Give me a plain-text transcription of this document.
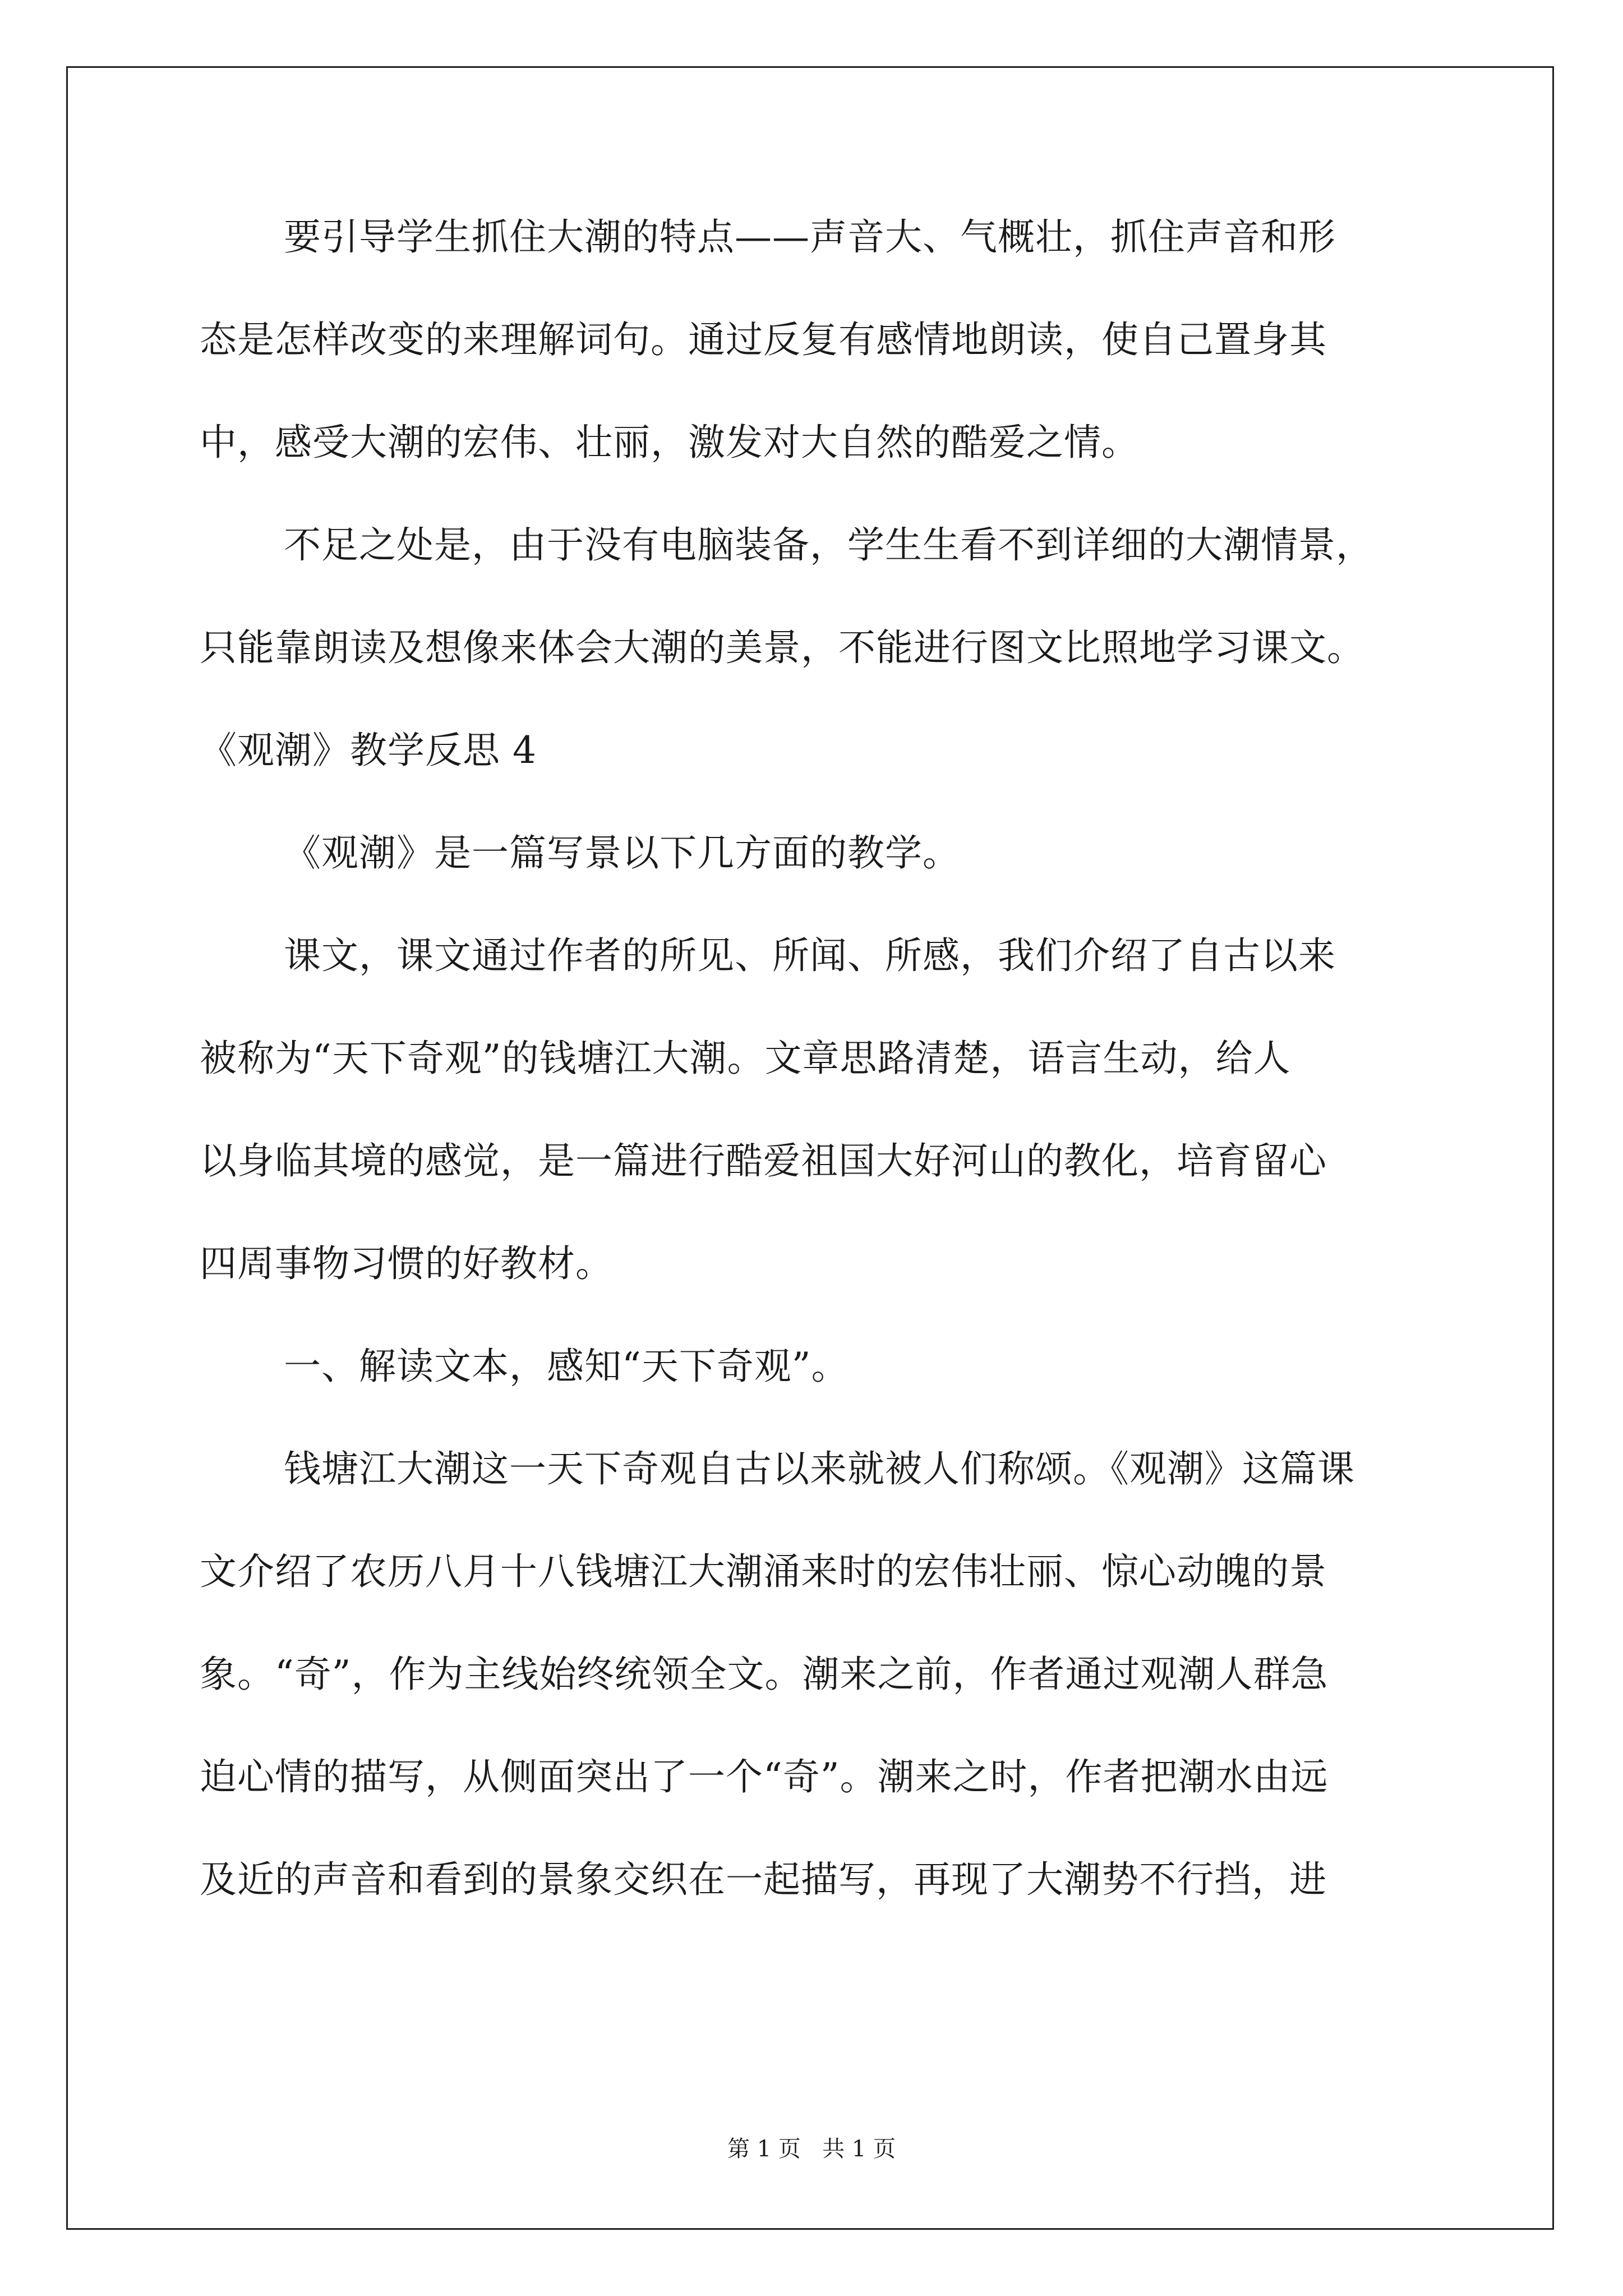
要引导学生抓住大潮的特点——声音大、气概壮，抓住声音和形
态是怎样改变的来理解词句。通过反复有感情地朗读，使自己置身其
中，感受大潮的宏伟、壮丽，激发对大自然的酷爱之情。
不足之处是，由于没有电脑装备，学生生看不到详细的大潮情景，
只能靠朗读及想像来体会大潮的美景，不能进行图文比照地学习课文。
《观潮》教学反思 4
《观潮》是一篇写景以下几方面的教学。
课文，课文通过作者的所见、所闻、所感，我们介绍了自古以来
被称为“天下奇观”的钱塘江大潮。文章思路清楚，语言生动，给人
以身临其境的感觉，是一篇进行酷爱祖国大好河山的教化，培育留心
四周事物习惯的好教材。
一、解读文本，感知“天下奇观”。
钱塘江大潮这一天下奇观自古以来就被人们称颂。《观潮》这篇课
文介绍了农历八月十八钱塘江大潮涌来时的宏伟壮丽、惊心动魄的景
象。“奇”，作为主线始终统领全文。潮来之前，作者通过观潮人群急
迫心情的描写，从侧面突出了一个“奇”。潮来之时，作者把潮水由远
及近的声音和看到的景象交织在一起描写，再现了大潮势不行挡，进
第 1 页   共 1 页
